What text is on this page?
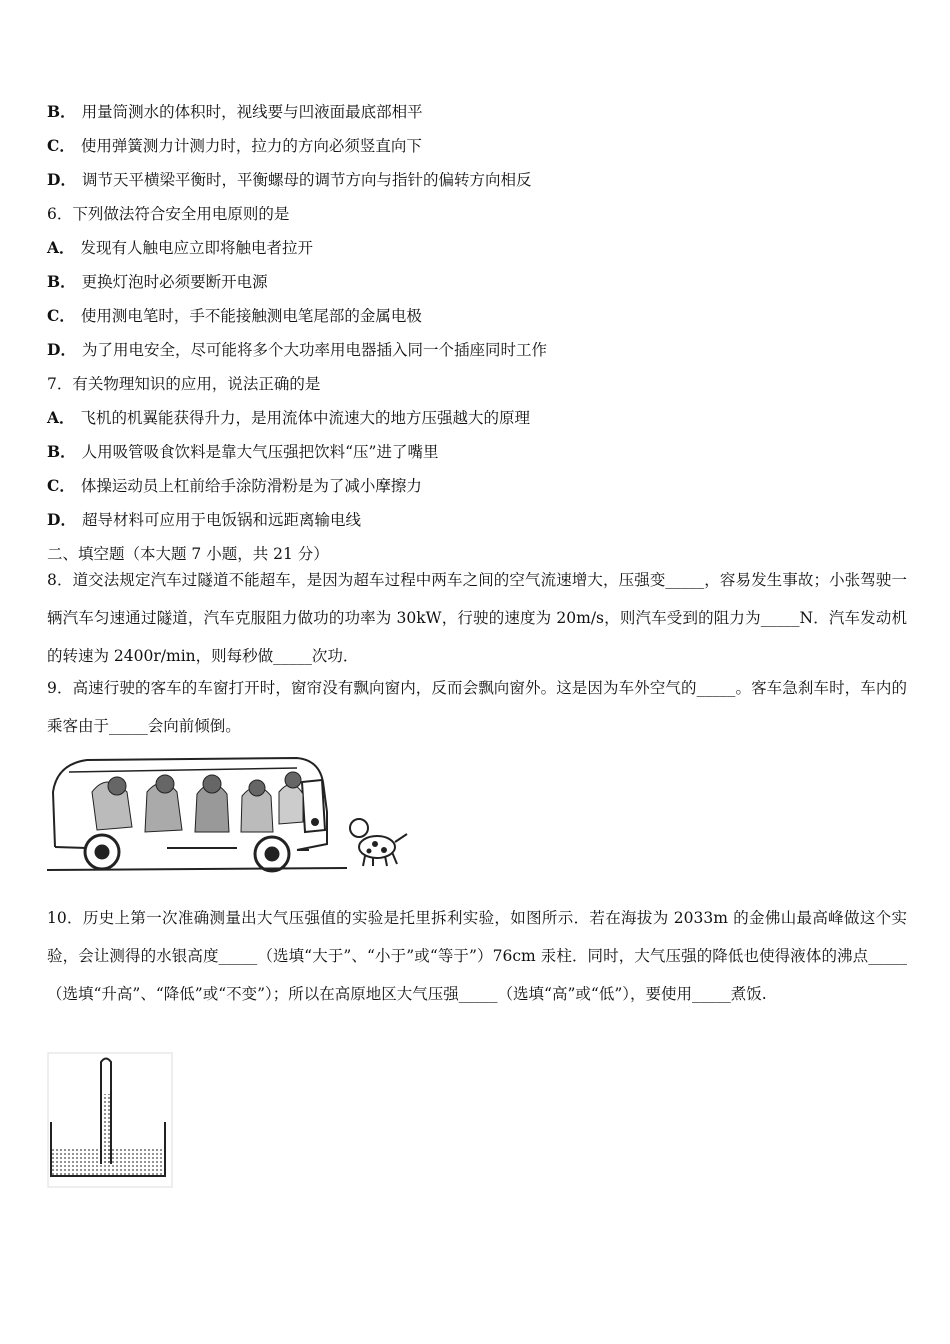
B． 用量筒测水的体积时，视线要与凹液面最底部相平
C． 使用弹簧测力计测力时，拉力的方向必须竖直向下
D． 调节天平横梁平衡时，平衡螺母的调节方向与指针的偏转方向相反
6．下列做法符合安全用电原则的是
A． 发现有人触电应立即将触电者拉开
B． 更换灯泡时必须要断开电源
C． 使用测电笔时，手不能接触测电笔尾部的金属电极
D． 为了用电安全，尽可能将多个大功率用电器插入同一个插座同时工作
7．有关物理知识的应用，说法正确的是
A． 飞机的机翼能获得升力，是用流体中流速大的地方压强越大的原理
B． 人用吸管吸食饮料是靠大气压强把饮料“压”进了嘴里
C． 体操运动员上杠前给手涂防滑粉是为了减小摩擦力
D． 超导材料可应用于电饭锅和远距离输电线
二、填空题（本大题 7 小题，共 21 分）
8．道交法规定汽车过隧道不能超车，是因为超车过程中两车之间的空气流速增大，压强变_____，容易发生事故；小张驾驶一辆汽车匀速通过隧道，汽车克服阻力做功的功率为 30kW，行驶的速度为 20m/s，则汽车受到的阻力为_____N．汽车发动机的转速为 2400r/min，则每秒做_____次功．
9．高速行驶的客车的车窗打开时，窗帘没有飘向窗内，反而会飘向窗外。这是因为车外空气的_____。客车急刹车时，车内的乘客由于_____会向前倾倒。
10．历史上第一次准确测量出大气压强值的实验是托里拆利实验，如图所示．若在海拔为 2033m 的金佛山最高峰做这个实验，会让测得的水银高度_____（选填“大于”、“小于”或“等于”）76cm 汞柱．同时，大气压强的降低也使得液体的沸点_____（选填“升高”、“降低”或“不变”）；所以在高原地区大气压强_____（选填“高”或“低”），要使用_____煮饭.
